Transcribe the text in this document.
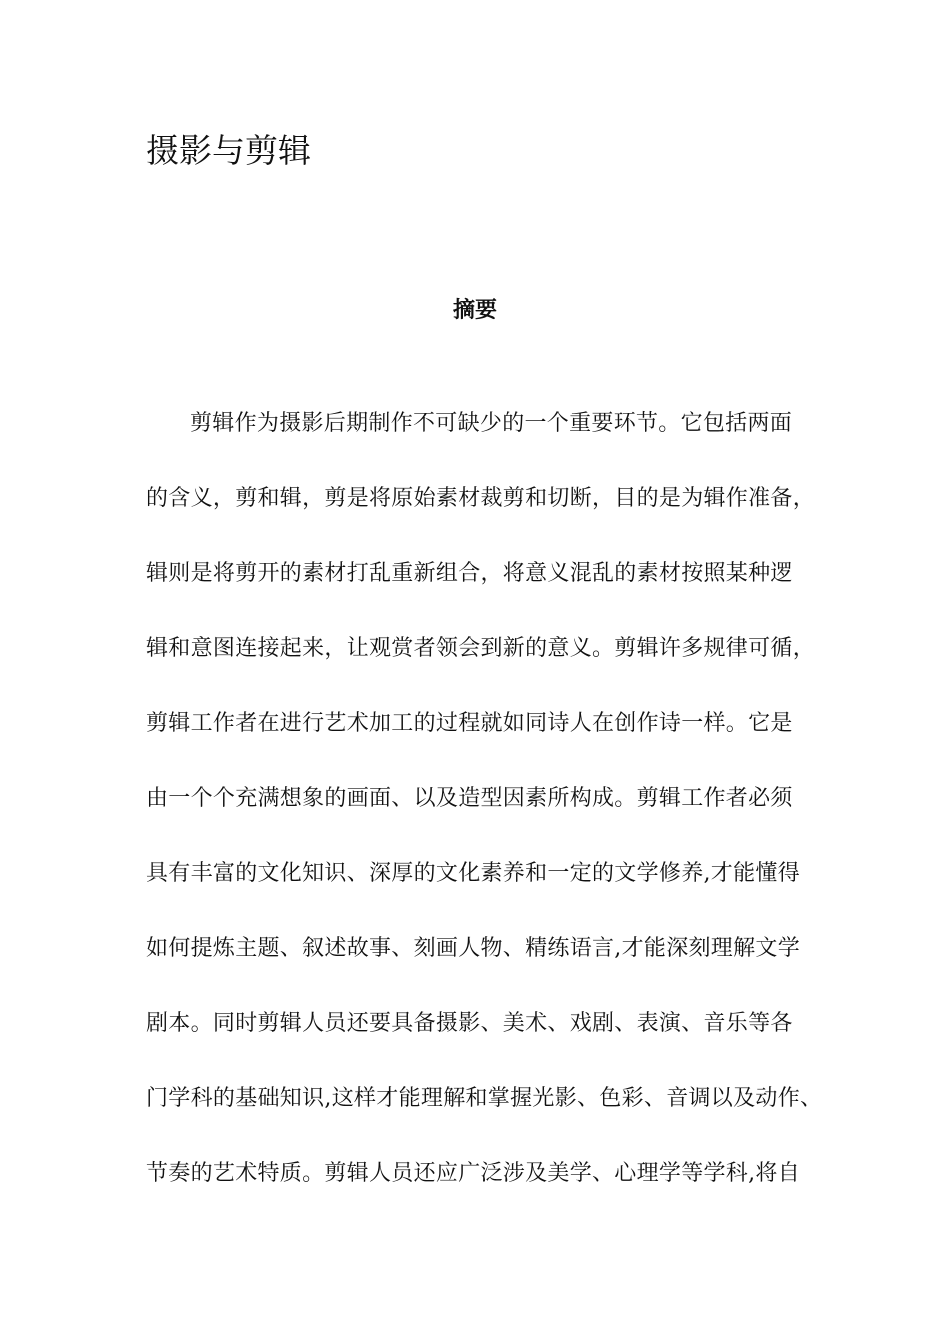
摄影与剪辑
摘要
剪辑作为摄影后期制作不可缺少的一个重要环节。它包括两面
的含义，剪和辑，剪是将原始素材裁剪和切断，目的是为辑作准备，
辑则是将剪开的素材打乱重新组合，将意义混乱的素材按照某种逻
辑和意图连接起来，让观赏者领会到新的意义。剪辑许多规律可循，
剪辑工作者在进行艺术加工的过程就如同诗人在创作诗一样。它是
由一个个充满想象的画面、以及造型因素所构成。剪辑工作者必须
具有丰富的文化知识、深厚的文化素养和一定的文学修养,才能懂得
如何提炼主题、叙述故事、刻画人物、精练语言,才能深刻理解文学
剧本。同时剪辑人员还要具备摄影、美术、戏剧、表演、音乐等各
门学科的基础知识,这样才能理解和掌握光影、色彩、音调以及动作、
节奏的艺术特质。剪辑人员还应广泛涉及美学、心理学等学科,将自
